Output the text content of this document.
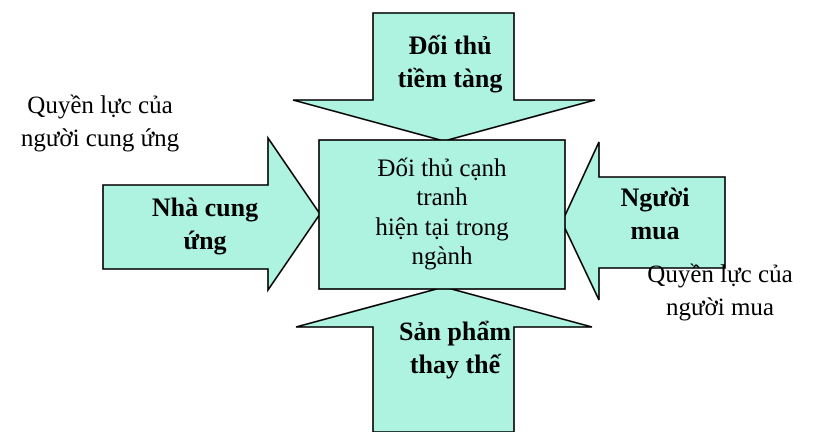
Đối thủ
tiềm tàng
Nhà cung
ứng
Người
mua
Sản phẩm
thay thế
Đối thủ cạnh
tranh
hiện tại trong
ngành
Quyền lực của
người cung ứng
Quyền lực của
người mua
